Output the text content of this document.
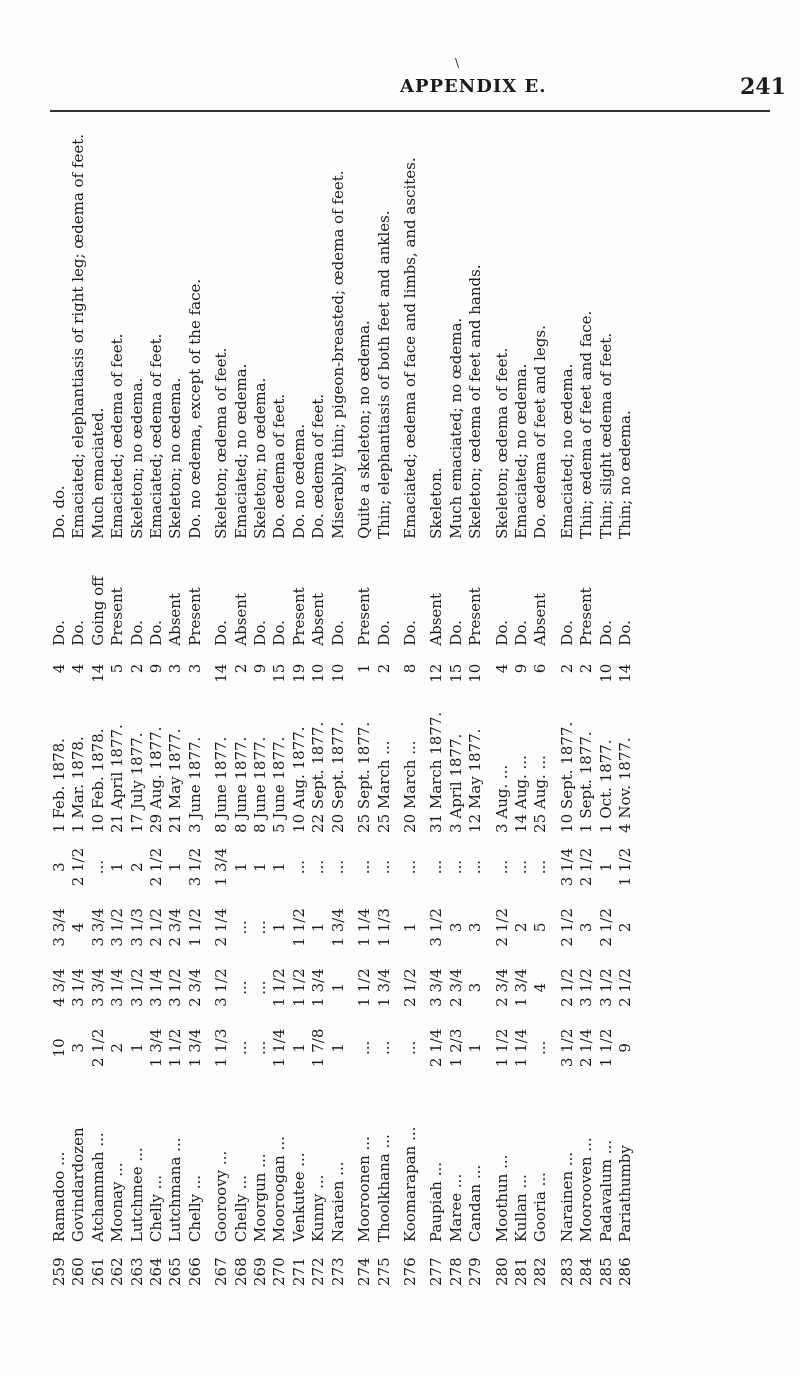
\
APPENDIX E.	241
259	Ramadoo ...	10	4 3/4	3 3/4	3	1 Feb. 1878.	4	Do.	Do. do.
260	Govindardozen	3	3 1/4	4	2 1/2	1 Mar. 1878.	4	Do.	Emaciated; elephantiasis of right leg; œdema of feet.
261	Atchammah ...	2 1/2	3 3/4	3 3/4	...	10 Feb. 1878.	14	Going off	Much emaciated.
262	Moonay ...	2	3 1/4	3 1/2	1	21 April 1877.	5	Present	Emaciated; œdema of feet.
263	Lutchmee ...	1	3 1/2	3 1/3	2	17 July 1877.	2	Do.	Skeleton; no œdema.
264	Chelly ...	1 3/4	3 1/4	2 1/2	2 1/2	29 Aug. 1877.	9	Do.	Emaciated; œdema of feet.
265	Lutchmana ...	1 1/2	3 1/2	2 3/4	1	21 May 1877.	3	Absent	Skeleton; no œdema.
266	Chelly ...	1 3/4	2 3/4	1 1/2	3 1/2	3 June 1877.	3	Present	Do. no œdema, except of the face.

267	Gooroovy ...	1 1/3	3 1/2	2 1/4	1 3/4	8 June 1877.	14	Do.	Skeleton; œdema of feet.
268	Chelly ...	...	...	...	1	8 June 1877.	2	Absent	Emaciated; no œdema.
269	Moorgun ...	...	...	...	1	8 June 1877.	9	Do.	Skeleton; no œdema.
270	Mooroogan ...	1 1/4	1 1/2	1	1	5 June 1877.	15	Do.	Do. œdema of feet.
271	Venkutee ...	1	1 1/2	1 1/2	...	10 Aug. 1877.	19	Present	Do. no œdema.
272	Kunny ...	1 7/8	1 3/4	1	...	22 Sept. 1877.	10	Absent	Do. œdema of feet.
273	Naraien ...	1	1	1 3/4	...	20 Sept. 1877.	10	Do.	Miserably thin; pigeon-breasted; œdema of feet.

274	Mooroonen ...	...	1 1/2	1 1/4	...	25 Sept. 1877.	1	Present	Quite a skeleton; no œdema.
275	Thoolkhana ...	...	1 3/4	1 1/3	...	25 March ...	2	Do.	Thin; elephantiasis of both feet and ankles.

276	Koomarapan ...	...	2 1/2	1	...	20 March ...	8	Do.	Emaciated; œdema of face and limbs, and ascites.

277	Paupiah ...	2 1/4	3 3/4	3 1/2	...	31 March 1877.	12	Absent	Skeleton.
278	Maree ...	1 2/3	2 3/4	3	...	3 April 1877.	15	Do.	Much emaciated; no œdema.
279	Candan ...	1	3	3	...	12 May 1877.	10	Present	Skeleton; œdema of feet and hands.

280	Moothun ...	1 1/2	2 3/4	2 1/2	...	3 Aug. ...	4	Do.	Skeleton; œdema of feet.
281	Kullan ...	1 1/4	1 3/4	2	...	14 Aug. ...	9	Do.	Emaciated; no œdema.
282	Gooria ...	...	4	5	...	25 Aug. ...	6	Absent	Do. œdema of feet and legs.

283	Narainen ...	3 1/2	2 1/2	2 1/2	3 1/4	10 Sept. 1877.	2	Do.	Emaciated; no œdema.
284	Moorooven ...	2 1/4	3 1/2	3	2 1/2	1 Sept. 1877.	2	Present	Thin; œdema of feet and face.
285	Padavalum ...	1 1/2	3 1/2	2 1/2	1	1 Oct. 1877.	10	Do.	Thin; slight œdema of feet.
286	Pariathumby	9	2 1/2	2	1 1/2	4 Nov. 1877.	14	Do.	Thin; no œdema.
